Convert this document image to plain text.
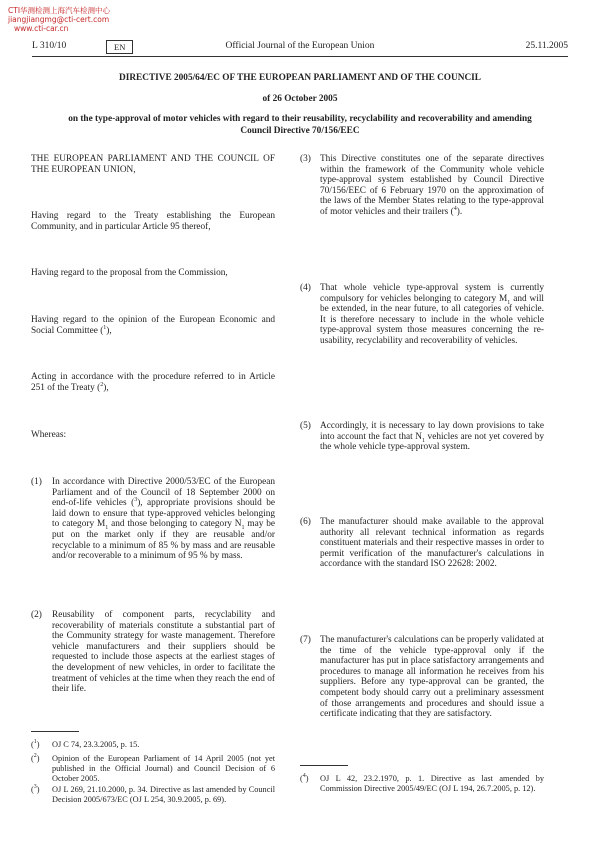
CTI华测检测上海汽车检测中心
jiangjiangmg@cti-cert.com
www.cti-car.cn
L 310/10	EN	Official Journal of the European Union	25.11.2005
DIRECTIVE 2005/64/EC OF THE EUROPEAN PARLIAMENT AND OF THE COUNCIL
of 26 October 2005
on the type-approval of motor vehicles with regard to their reusability, recyclability and recoverability and amending Council Directive 70/156/EEC

THE EUROPEAN PARLIAMENT AND THE COUNCIL OF THE EUROPEAN UNION,

Having regard to the Treaty establishing the European Community, and in particular Article 95 thereof,

Having regard to the proposal from the Commission,

Having regard to the opinion of the European Economic and Social Committee ($^1$),

Acting in accordance with the procedure referred to in Article 251 of the Treaty ($^2$),

Whereas:

(1) In accordance with Directive 2000/53/EC of the European Parliament and of the Council of 18 September 2000 on end-of-life vehicles ($^3$), appropriate provisions should be laid down to ensure that type-approved vehicles belonging to category $M_1$ and those belonging to category $N_1$ may be put on the market only if they are reusable and/or recyclable to a minimum of 85 % by mass and are reusable and/or recoverable to a minimum of 95 % by mass.

(2) Reusability of component parts, recyclability and recoverability of materials constitute a substantial part of the Community strategy for waste management. Therefore vehicle manufacturers and their suppliers should be requested to include those aspects at the earliest stages of the development of new vehicles, in order to facilitate the treatment of vehicles at the time when they reach the end of their life.

(3) This Directive constitutes one of the separate directives within the framework of the Community whole vehicle type-approval system established by Council Directive 70/156/EEC of 6 February 1970 on the approximation of the laws of the Member States relating to the type-approval of motor vehicles and their trailers ($^4$).

(4) That whole vehicle type-approval system is currently compulsory for vehicles belonging to category $M_1$ and will be extended, in the near future, to all categories of vehicle. It is therefore necessary to include in the whole vehicle type-approval system those measures concerning the re-usability, recyclability and recoverability of vehicles.

(5) Accordingly, it is necessary to lay down provisions to take into account the fact that $N_1$ vehicles are not yet covered by the whole vehicle type-approval system.

(6) The manufacturer should make available to the approval authority all relevant technical information as regards constituent materials and their respective masses in order to permit verification of the manufacturer's calculations in accordance with the standard ISO 22628: 2002.

(7) The manufacturer's calculations can be properly validated at the time of the vehicle type-approval only if the manufacturer has put in place satisfactory arrangements and procedures to manage all information he receives from his suppliers. Before any type-approval can be granted, the competent body should carry out a preliminary assessment of those arrangements and procedures and should issue a certificate indicating that they are satisfactory.

($^1$) OJ C 74, 23.3.2005, p. 15.
($^2$) Opinion of the European Parliament of 14 April 2005 (not yet published in the Official Journal) and Council Decision of 6 October 2005.
($^3$) OJ L 269, 21.10.2000, p. 34. Directive as last amended by Council Decision 2005/673/EC (OJ L 254, 30.9.2005, p. 69).
($^4$) OJ L 42, 23.2.1970, p. 1. Directive as last amended by Commission Directive 2005/49/EC (OJ L 194, 26.7.2005, p. 12).
